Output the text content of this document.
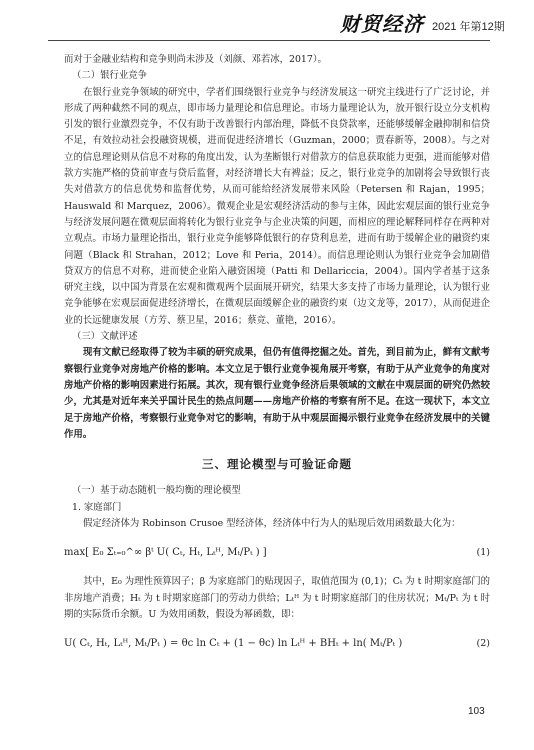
财贸经济 2021 年第12期

而对于金融业结构和竞争则尚未涉及（刘颜、邓若冰，2017）。

（二）银行业竞争

在银行业竞争领域的研究中，学者们围绕银行业竞争与经济发展这一研究主线进行了广泛讨论，并形成了两种截然不同的观点，即市场力量理论和信息理论。市场力量理论认为，放开银行设立分支机构引发的银行业激烈竞争，不仅有助于改善银行内部治理，降低不良贷款率，还能够缓解金融抑制和信贷不足，有效拉动社会投融资规模，进而促进经济增长（Guzman，2000；贾春新等，2008）。与之对立的信息理论则从信息不对称的角度出发，认为垄断银行对借款方的信息获取能力更强，进而能够对借款方实施严格的贷前审查与贷后监督，对经济增长大有裨益；反之，银行业竞争的加剧将会导致银行丧失对借款方的信息优势和监督优势，从而可能给经济发展带来风险（Petersen 和 Rajan，1995；Hauswald 和 Marquez，2006）。微观企业是宏观经济活动的参与主体，因此宏观层面的银行业竞争与经济发展问题在微观层面将转化为银行业竞争与企业决策的问题，而相应的理论解释同样存在两种对立观点。市场力量理论指出，银行业竞争能够降低银行的存贷利息差，进而有助于缓解企业的融资约束问题（Black 和 Strahan，2012；Love 和 Peria，2014）。而信息理论则认为银行业竞争会加剧借贷双方的信息不对称，进而使企业陷入融资困境（Patti 和 Dellariccia，2004）。国内学者基于这条研究主线，以中国为背景在宏观和微观两个层面展开研究，结果大多支持了市场力量理论，认为银行业竞争能够在宏观层面促进经济增长，在微观层面缓解企业的融资约束（边文龙等，2017），从而促进企业的长远健康发展（方芳、蔡卫星，2016；蔡竞、董艳，2016）。

（三）文献评述

现有文献已经取得了较为丰硕的研究成果，但仍有值得挖掘之处。首先，到目前为止，鲜有文献考察银行业竞争对房地产价格的影响。本文立足于银行业竞争视角展开考察，有助于从产业竞争的角度对房地产价格的影响因素进行拓展。其次，现有银行业竞争经济后果领域的文献在中观层面的研究仍然较少，尤其是对近年来关乎国计民生的热点问题——房地产价格的考察有所不足。在这一现状下，本文立足于房地产价格，考察银行业竞争对它的影响，有助于从中观层面揭示银行业竞争在经济发展中的关键作用。

三、理论模型与可验证命题

（一）基于动态随机一般均衡的理论模型

1. 家庭部门

假定经济体为 Robinson Crusoe 型经济体，经济体中行为人的贴现后效用函数最大化为：

max[ E₀ Σₜ₌₀^∞ βᵗ U( Cₜ, Hₜ, Lₜᴴ, Mₜ/Pₜ ) ]	(1)

其中，E₀ 为理性预算因子；β 为家庭部门的贴现因子，取值范围为 (0,1)；Cₜ 为 t 时期家庭部门的非房地产消费；Hₜ 为 t 时期家庭部门的劳动力供给；Lₜᴴ 为 t 时期家庭部门的住房状况；Mₜ/Pₜ 为 t 时期的实际货币余额。U 为效用函数，假设为幂函数，即：

U( Cₜ, Hₜ, Lₜᴴ, Mₜ/Pₜ ) = θc ln Cₜ + (1 − θc) ln Lₜᴴ + BHₜ + ln( Mₜ/Pₜ )	(2)
103
